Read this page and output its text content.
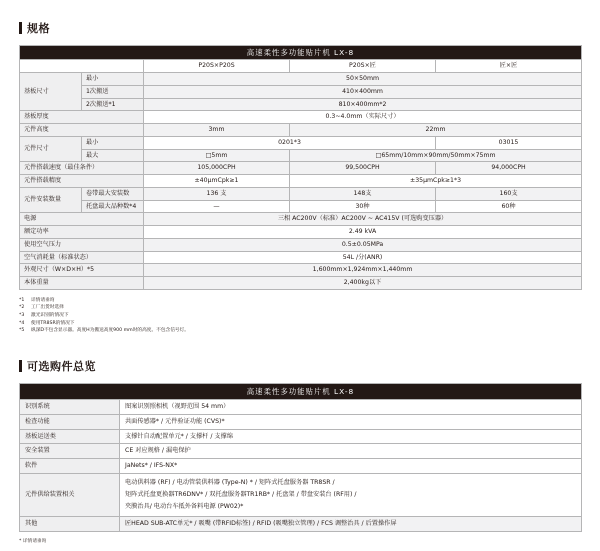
规格
高速柔性多功能贴片机 LX-8				
		P20S×P20S	P20S×匠	匠×匠
基板尺寸	最小	50×50mm		
	1次搬送	410×400mm		
	2次搬送*1	810×400mm*2		
基板厚度		0.3~4.0mm（实际尺寸）		
元件高度		3mm	22mm	
元件尺寸	最小	0201*3		03015
	最大	□5mm	□65mm/10mm×90mm/50mm×75mm	
元件搭载速度（最佳条件）		105,000CPH	99,500CPH	94,000CPH
元件搭载精度		±40μmCpk≥1	±35μmCpk≥1*3	
元件安装数量	卷带最大安装数	136 支	148支	160支
	托盘最大品种数*4	—	30种	60种
电源		三相 AC200V（标准）AC200V ~ AC415V (可选购变压器）		
额定功率		2.49 kVA		
使用空气压力		0.5±0.05MPa		
空气消耗量（标准状态）		54L /分(ANR)		
外观尺寸（W×D×H）*5		1,600mm×1,924mm×1,440mm		
本体重量		2,400kg以下		
*1	详情请垂询
*2	工厂出货时选择
*3	激光识别的情况下
*4	使用TR8SR的情况下
*5	纵深D不包含显示器。高度H为搬送高度900 mm时的高度。不包含信号灯。
可选购件总览
高速柔性多功能贴片机 LX-8	
识别系统	图案识别照相机（视野范围 54 mm）
检查功能	共面传感器* / 元件验证功能 (CVS)*
基板运送类	支撑针自动配置单元* / 支撑杆 / 支撑绵
安全装置	CE 对应规格 / 漏电保护
软件	JaNets* / IFS-NX*
元件供给装置相关	电动供料器 (RF) / 电动管装供料器 (Type-N) * / 矩阵式托盘服务器 TR8SR /
矩阵式托盘更换器TR6DNV* / 双托盘服务器TR1RB* / 托盘架 / 带盘安装台 (RF用) /
夹膜治具/ 电动台车抵外备料电源 (PW02)*

其他	匠HEAD SUB-ATC单元* / 吸嘴 (带RFID标签) / RFID (吸嘴独立管理) / FCS 调整治具 / 后置操作屏
* 详情请垂询
